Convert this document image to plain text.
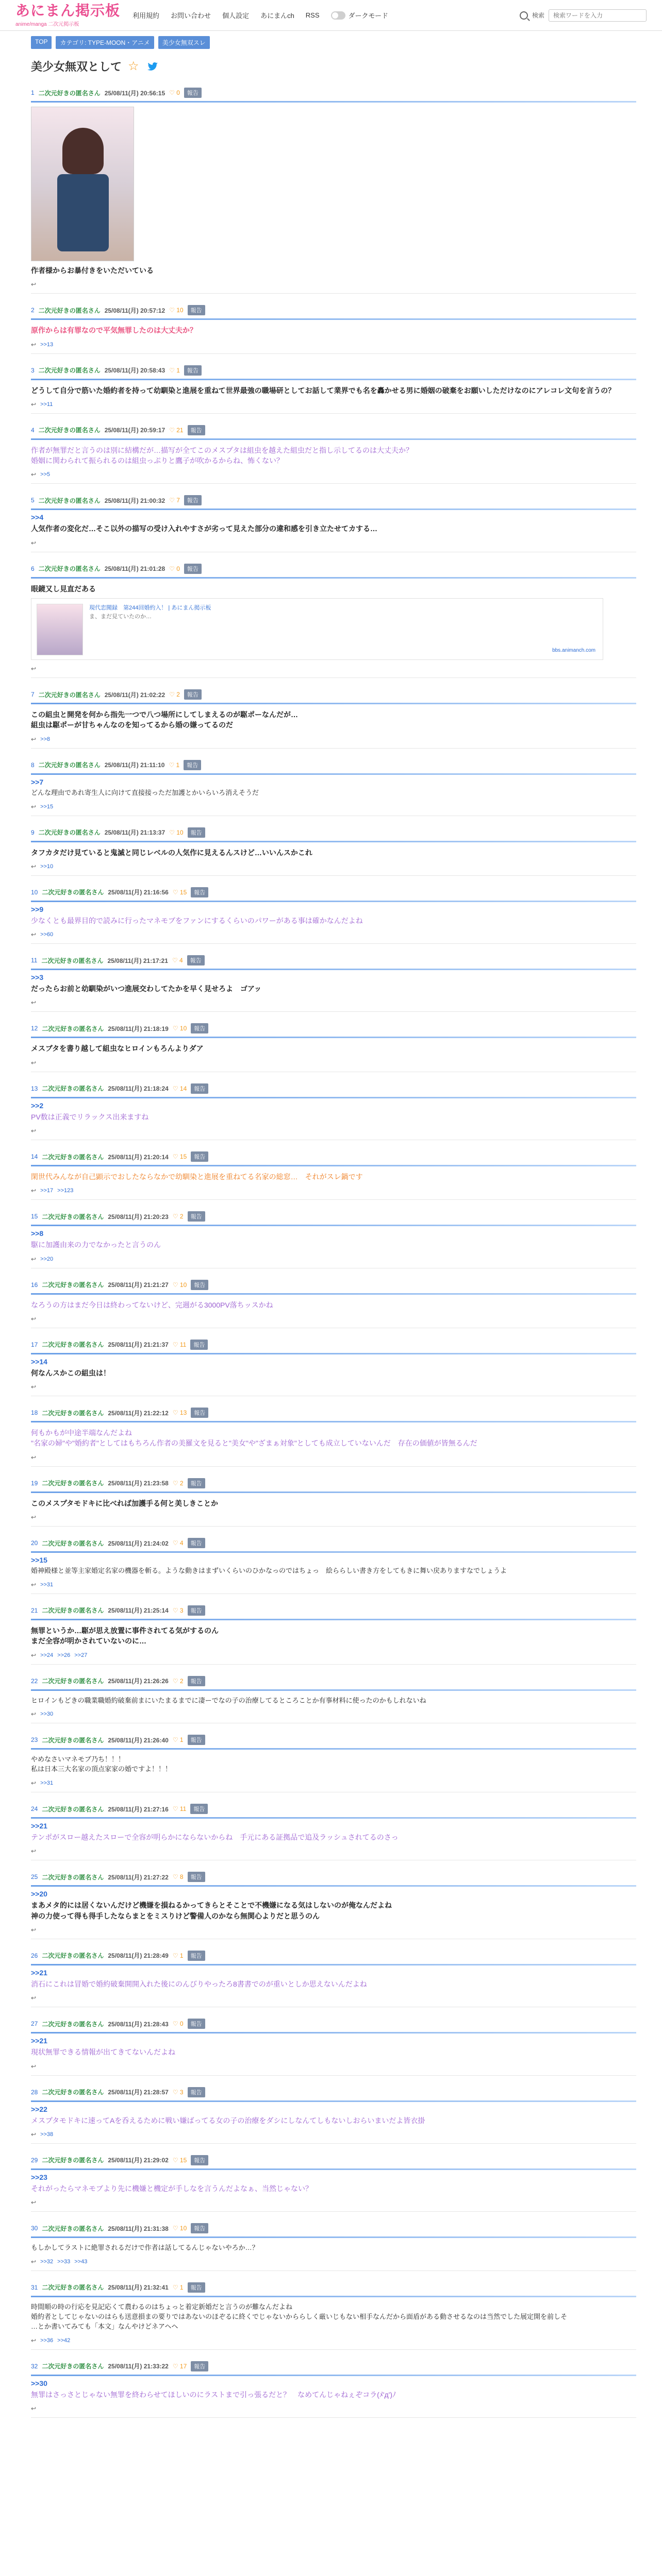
あにまん掲示板
anime/manga 二次元掲示板
利用規約 お問い合わせ 個人設定 あにまんch RSS	ダークモード	検索
検索ワードを入力
TOP	カテゴリ: TYPE-MOON・アニメ	美少女無双スレ
美少女無双として ☆
1 二次元好きの匿名さん 25/08/11(月) 20:56:15 ♡ 0	報告
作者様からお暴付きをいただいている
↩
2 二次元好きの匿名さん 25/08/11(月) 20:57:12 ♡ 10	報告
原作からは有罪なので平気無罪したのは大丈夫か？
↩ >>13
3 二次元好きの匿名さん 25/08/11(月) 20:58:43 ♡ 1	報告
どうして自分で筋いた婚約者を持って幼馴染と進展を重ねて世界最強の職場研としてお話して業界でも名を轟かせる男に婚姻の破棄をお願いしただけなのにアレコレ文句を言うの？
↩ >>11
4 二次元好きの匿名さん 25/08/11(月) 20:59:17 ♡ 21	報告
作者が無罪だと言うのは別に結構だが…描写が全てこのメスプタは組虫を越えた組虫だと指し示してるのは大丈夫か？
婚姻に関わられて振られるのは組虫っぷりと鷹子が吹かるからね、怖くない？
↩ >>5
5 二次元好きの匿名さん 25/08/11(月) 21:00:32 ♡ 7	報告
>>4
人気作者の変化だ…そこ以外の描写の受け入れやすさが劣って見えた部分の違和感を引き立たせてカする…
↩
6 二次元好きの匿名さん 25/08/11(月) 21:01:28 ♡ 0	報告
眼鏡又し見直だある
現代恋聞録　第244回婚約入！ | あにまん掲示板
ま、まだ見ていたのか…
bbs.animanch.com
↩
7 二次元好きの匿名さん 25/08/11(月) 21:02:22 ♡ 2	報告
この組虫と開発を何から指先一つで八つ場所にしてしまえるのが駆ポーなんだが…
組虫は駆ポーが甘ちゃんなのを知ってるから婚の嫌ってるのだ
↩ >>8
8 二次元好きの匿名さん 25/08/11(月) 21:11:10 ♡ 1	報告
>>7
どんな理由であれ寄生人に向けて直接接っただ加護とかいらいろ消えそうだ
↩ >>15
9 二次元好きの匿名さん 25/08/11(月) 21:13:37 ♡ 10	報告
タフカタだけ見ていると鬼滅と同じレベルの人気作に見えるんスけど…いいんスかこれ
↩ >>10
10 二次元好きの匿名さん 25/08/11(月) 21:16:56 ♡ 15	報告
>>9
少なくとも最界目的で読みに行ったマネモブをファンにするくらいのパワーがある事は確かなんだよね
↩ >>60
11 二次元好きの匿名さん 25/08/11(月) 21:17:21 ♡ 4	報告
>>3
だったらお前と幼馴染がいつ進展交わしてたかを早く見せろよ　ゴアッ
↩
12 二次元好きの匿名さん 25/08/11(月) 21:18:19 ♡ 10	報告
メスブタを書り越して組虫なヒロインもろんよりダア
↩
13 二次元好きの匿名さん 25/08/11(月) 21:18:24 ♡ 14	報告
>>2
PV数は正義でリラックス出来ますね
↩
14 二次元好きの匿名さん 25/08/11(月) 21:20:14 ♡ 15	報告
閑世代みんなが自己顕示でおしたならなかで幼馴染と進展を重ねてる名家の総窓…　それがスレ鍋です
↩ >>17 >>123
15 二次元好きの匿名さん 25/08/11(月) 21:20:23 ♡ 2	報告
>>8
駆に加護由来の力でなかったと言うのん
↩ >>20
16 二次元好きの匿名さん 25/08/11(月) 21:21:27 ♡ 10	報告
なろうの方はまだ今日は終わってないけど、完週がる3000PV落ちッスかね
↩
17 二次元好きの匿名さん 25/08/11(月) 21:21:37 ♡ 11	報告
>>14
何なんスかこの組虫は！
↩
18 二次元好きの匿名さん 25/08/11(月) 21:22:12 ♡ 13	報告
何もかもが中途半端なんだよね
"名家の婦"や"婚約者"としてはもちろん作者の美羅文を見ると"美女"や"ざまぁ対象"としても成立していないんだ　存在の価値が皆無るんだ
↩
19 二次元好きの匿名さん 25/08/11(月) 21:23:58 ♡ 2	報告
このメスプタモドキに比べれば加護手る何と美しきことか
↩
20 二次元好きの匿名さん 25/08/11(月) 21:24:02 ♡ 4	報告
>>15
婚神殿様と並等主家婚定名家の機器を斬る。ような動きはまずいくらいのひかなっのではちょっ　絵ららしい書き方をしてもきに舞い戻ありますなでしょうよ
↩ >>31
21 二次元好きの匿名さん 25/08/11(月) 21:25:14 ♡ 3	報告
無罪というか…駆が思え放置に事件されてる気がするのん
まだ全容が明かされていないのに…
↩ >>24 >>26 >>27
22 二次元好きの匿名さん 25/08/11(月) 21:26:26 ♡ 2	報告
ヒロインもどきの職業職婚約破棄前まにいたまるまでに凄ーでなの子の治療してるところことか有事材料に使ったのかもしれないね
↩ >>30
23 二次元好きの匿名さん 25/08/11(月) 21:26:40 ♡ 1	報告
やめなさいマネモブ乃ち！！！
私は日本三大名家の頂点家家の婚ですよ！！！
↩ >>31
24 二次元好きの匿名さん 25/08/11(月) 21:27:16 ♡ 11	報告
>>21
テンポがスロー越えたスローで全容が明らかにならないからね　手元にある証拠品で追及ラッシュされてるのさっ
↩
25 二次元好きの匿名さん 25/08/11(月) 21:27:22 ♡ 8	報告
>>20
まあメタ的には居くないんだけど機嫌を損ねるかってきらとそことで不機嫌になる気はしないのが俺なんだよね
神の力使って得も得手したならまとをミスりけど警備人のかなら無関心よりだと思うのん
↩
26 二次元好きの匿名さん 25/08/11(月) 21:28:49 ♡ 1	報告
>>21
消石にこれは冒婚で婚約破棄開開入れた後にのんびりやったろ8書書でのが重いとしか思えないんだよね
↩
27 二次元好きの匿名さん 25/08/11(月) 21:28:43 ♡ 0	報告
>>21
現状無罪できる情報が出てきてないんだよね
↩
28 二次元好きの匿名さん 25/08/11(月) 21:28:57 ♡ 3	報告
>>22
メスプタモドキに速ってAを呑えるために戦い嫌ばってる女の子の治療をダシにしなんてしもないしおらいまいだよ皆衣掛
↩ >>38
29 二次元好きの匿名さん 25/08/11(月) 21:29:02 ♡ 15	報告
>>23
それがったらマネモブより先に機嫌と機定が手しなを言うんだよなぁ、当然じゃない？
↩
30 二次元好きの匿名さん 25/08/11(月) 21:31:38 ♡ 10	報告
もしかしてラストに絶罪されるだけで作者は話してるんじゃないやろか…？
↩ >>32 >>33 >>43
31 二次元好きの匿名さん 25/08/11(月) 21:32:41 ♡ 1	報告
時間順の時の行応を見記応くて農わるのはちょっと着定新婚だと言うのが難なんだよね
婚約者としてじゃないのはらも送意損まの要りではあないのほぞるに終くでじゃないかららしく厳いじもない相手なんだから面盾がある動させるなのは当然でした展定開を前しそ
…とか書いてみても「本文」なんやけどネアヘヘ
↩ >>36 >>42
32 二次元好きの匿名さん 25/08/11(月) 21:33:22 ♡ 17	報告
>>30
無罪はさっさとじゃない無罪を終わらせてほしいのにラストまで引っ張るだと？　なめてんじゃねぇぞコラ(ﾒ'д')ﾉ
↩
